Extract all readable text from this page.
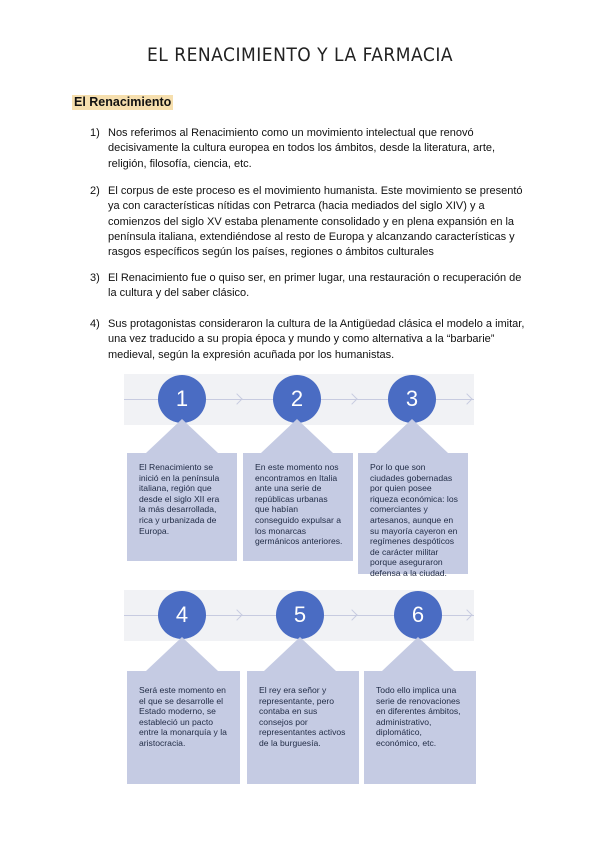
EL RENACIMIENTO Y LA FARMACIA
El Renacimiento
1) Nos referimos al Renacimiento como un movimiento intelectual que renovó decisivamente la cultura europea en todos los ámbitos, desde la literatura, arte, religión, filosofía, ciencia, etc.
2) El corpus de este proceso es el movimiento humanista. Este movimiento se presentó ya con características nítidas con Petrarca (hacia mediados del siglo XIV) y a comienzos del siglo XV estaba plenamente consolidado y en plena expansión en la península italiana, extendiéndose al resto de Europa y alcanzando características y rasgos específicos según los países, regiones o ámbitos culturales
3) El Renacimiento fue o quiso ser, en primer lugar, una restauración o recuperación de la cultura y del saber clásico.
4) Sus protagonistas consideraron la cultura de la Antigüedad clásica el modelo a imitar, una vez traducido a su propia época y mundo y como alternativa a la “barbarie” medieval, según la expresión acuñada por los humanistas.
1	2	3
El Renacimiento se inició en la península italiana, región que desde el siglo XII era la más desarrollada, rica y urbanizada de Europa.
En este momento nos encontramos en Italia ante una serie de repúblicas urbanas que habían conseguido expulsar a los monarcas germánicos anteriores.
Por lo que son ciudades gobernadas por quien posee riqueza económica: los comerciantes y artesanos, aunque en su mayoría cayeron en regímenes despóticos de carácter militar porque aseguraron defensa a la ciudad.
4	5	6
Será este momento en el que se desarrolle el Estado moderno, se estableció un pacto entre la monarquía y la aristocracia.
El rey era señor y representante, pero contaba en sus consejos por representantes activos de la burguesía.
Todo ello implica una serie de renovaciones en diferentes ámbitos, administrativo, diplomático, económico, etc.
